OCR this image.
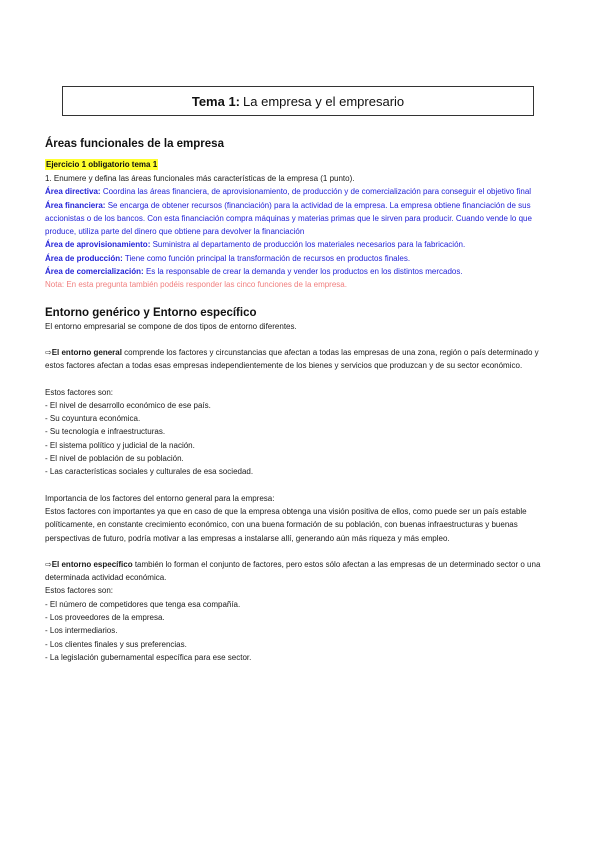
Tema 1: La empresa y el empresario
Áreas funcionales de la empresa
Ejercicio 1 obligatorio tema 1

1. Enumere y defina las áreas funcionales más características de la empresa (1 punto).

Área directiva: Coordina las áreas financiera, de aprovisionamiento, de producción y de comercialización para conseguir el objetivo final

Área financiera: Se encarga de obtener recursos (financiación) para la actividad de la empresa. La empresa obtiene financiación de sus accionistas o de los bancos. Con esta financiación compra máquinas y materias primas que le sirven para producir. Cuando vende lo que produce, utiliza parte del dinero que obtiene para devolver la financiación

Área de aprovisionamiento: Suministra al departamento de producción los materiales necesarios para la fabricación.

Área de producción: Tiene como función principal la transformación de recursos en productos finales.

Área de comercialización: Es la responsable de crear la demanda y vender los productos en los distintos mercados.

Nota: En esta pregunta también podéis responder las cinco funciones de la empresa.

Entorno genérico y Entorno específico

El entorno empresarial se compone de dos tipos de entorno diferentes.

⇨El entorno general comprende los factores y circunstancias que afectan a todas las empresas de una zona, región o país determinado y estos factores afectan a todas esas empresas independientemente de los bienes y servicios que produzcan y de su sector económico.

Estos factores son:

- El nivel de desarrollo económico de ese país.
- Su coyuntura económica.
- Su tecnología e infraestructuras.
- El sistema político y judicial de la nación.
- El nivel de población de su población.
- Las características sociales y culturales de esa sociedad.

Importancia de los factores del entorno general para la empresa:

Estos factores con importantes ya que en caso de que la empresa obtenga una visión positiva de ellos, como puede ser un país estable políticamente, en constante crecimiento económico, con una buena formación de su población, con buenas infraestructuras y buenas perspectivas de futuro, podría motivar a las empresas a instalarse allí, generando aún más riqueza y más empleo.

⇨El entorno específico también lo forman el conjunto de factores, pero estos sólo afectan a las empresas de un determinado sector o una determinada actividad económica.

Estos factores son:

- El número de competidores que tenga esa compañía.
- Los proveedores de la empresa.
- Los intermediarios.
- Los clientes finales y sus preferencias.
- La legislación gubernamental específica para ese sector.
